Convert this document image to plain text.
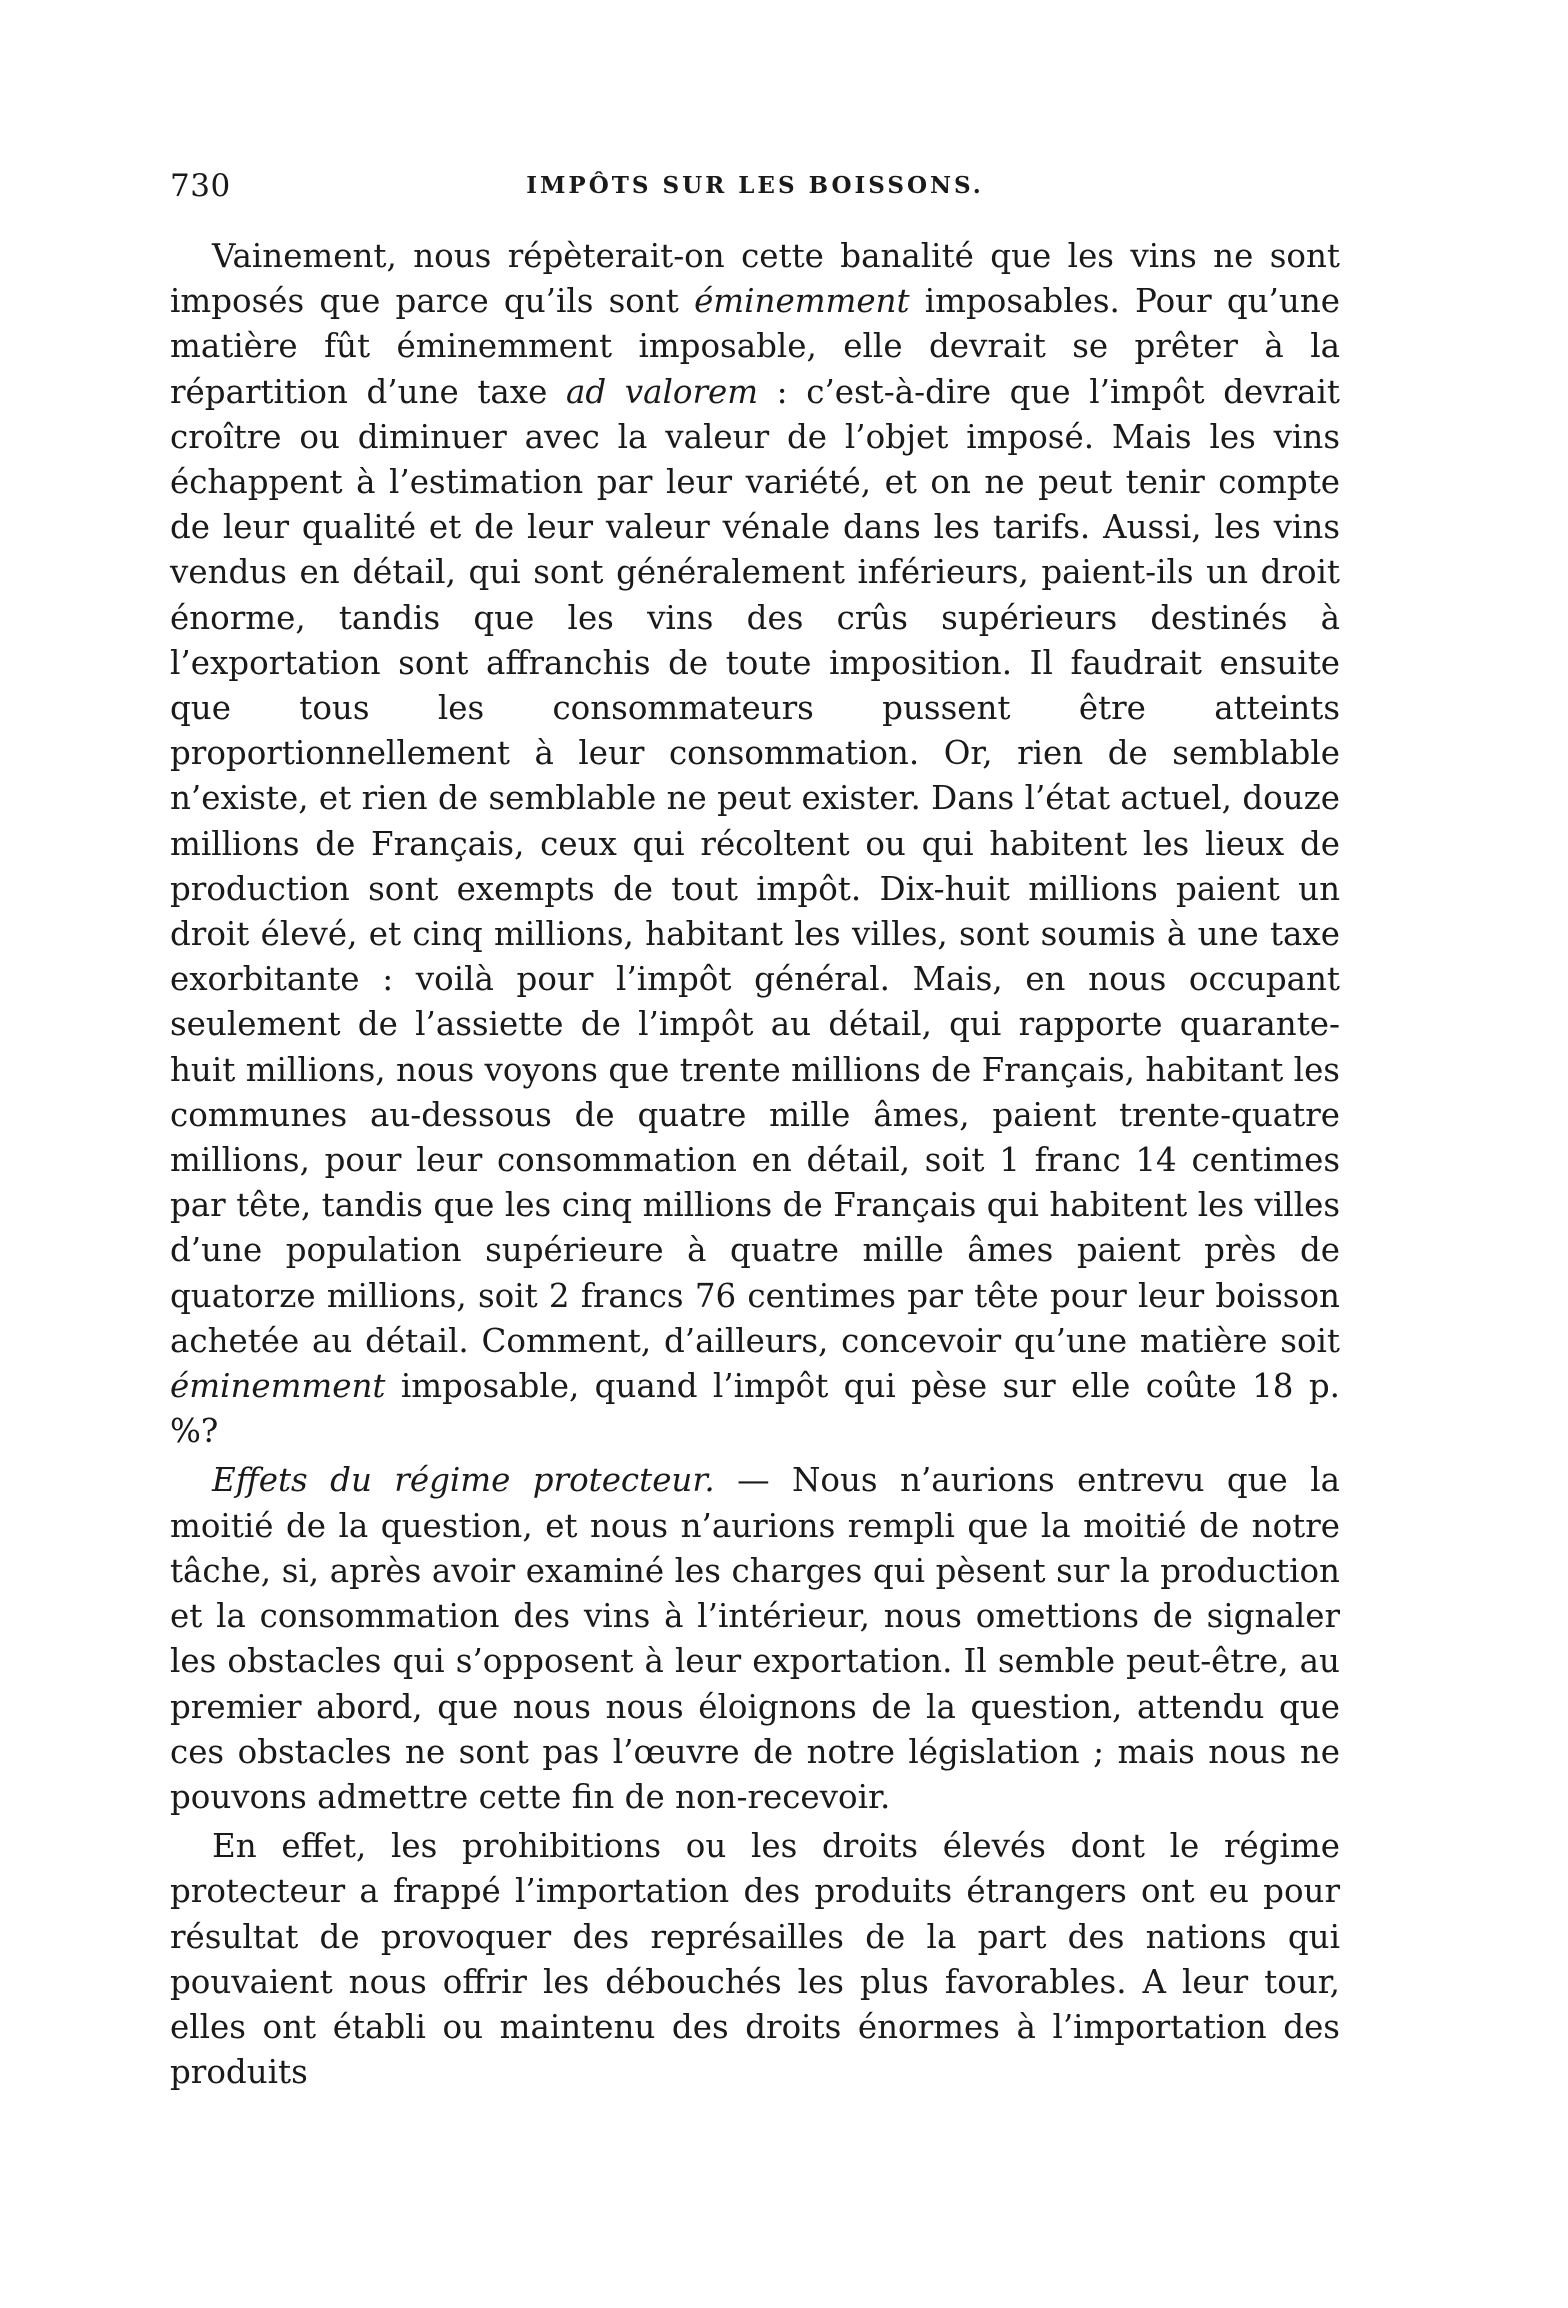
730	IMPÔTS SUR LES BOISSONS.

Vainement, nous répèterait-on cette banalité que les vins ne sont imposés que parce qu’ils sont éminemment imposables. Pour qu’une matière fût éminemment imposable, elle devrait se prêter à la répartition d’une taxe ad valorem : c’est-à-dire que l’impôt devrait croître ou diminuer avec la valeur de l’objet imposé. Mais les vins échappent à l’estimation par leur variété, et on ne peut tenir compte de leur qualité et de leur valeur vénale dans les tarifs. Aussi, les vins vendus en détail, qui sont généralement inférieurs, paient-ils un droit énorme, tandis que les vins des crûs supérieurs destinés à l’exportation sont affranchis de toute imposition. Il faudrait ensuite que tous les consommateurs pussent être atteints proportionnellement à leur consommation. Or, rien de semblable n’existe, et rien de semblable ne peut exister. Dans l’état actuel, douze millions de Français, ceux qui récoltent ou qui habitent les lieux de production sont exempts de tout impôt. Dix-huit millions paient un droit élevé, et cinq millions, habitant les villes, sont soumis à une taxe exorbitante : voilà pour l’impôt général. Mais, en nous occupant seulement de l’assiette de l’impôt au détail, qui rapporte quarante-huit millions, nous voyons que trente millions de Français, habitant les communes au-dessous de quatre mille âmes, paient trente-quatre millions, pour leur consommation en détail, soit 1 franc 14 centimes par tête, tandis que les cinq millions de Français qui habitent les villes d’une population supérieure à quatre mille âmes paient près de quatorze millions, soit 2 francs 76 centimes par tête pour leur boisson achetée au détail. Comment, d’ailleurs, concevoir qu’une matière soit éminemment imposable, quand l’impôt qui pèse sur elle coûte 18 p. %?

Effets du régime protecteur. — Nous n’aurions entrevu que la moitié de la question, et nous n’aurions rempli que la moitié de notre tâche, si, après avoir examiné les charges qui pèsent sur la production et la consommation des vins à l’intérieur, nous omettions de signaler les obstacles qui s’opposent à leur exportation. Il semble peut-être, au premier abord, que nous nous éloignons de la question, attendu que ces obstacles ne sont pas l’œuvre de notre législation ; mais nous ne pouvons admettre cette fin de non-recevoir.

En effet, les prohibitions ou les droits élevés dont le régime protecteur a frappé l’importation des produits étrangers ont eu pour résultat de provoquer des représailles de la part des nations qui pouvaient nous offrir les débouchés les plus favorables. A leur tour, elles ont établi ou maintenu des droits énormes à l’importation des produits
